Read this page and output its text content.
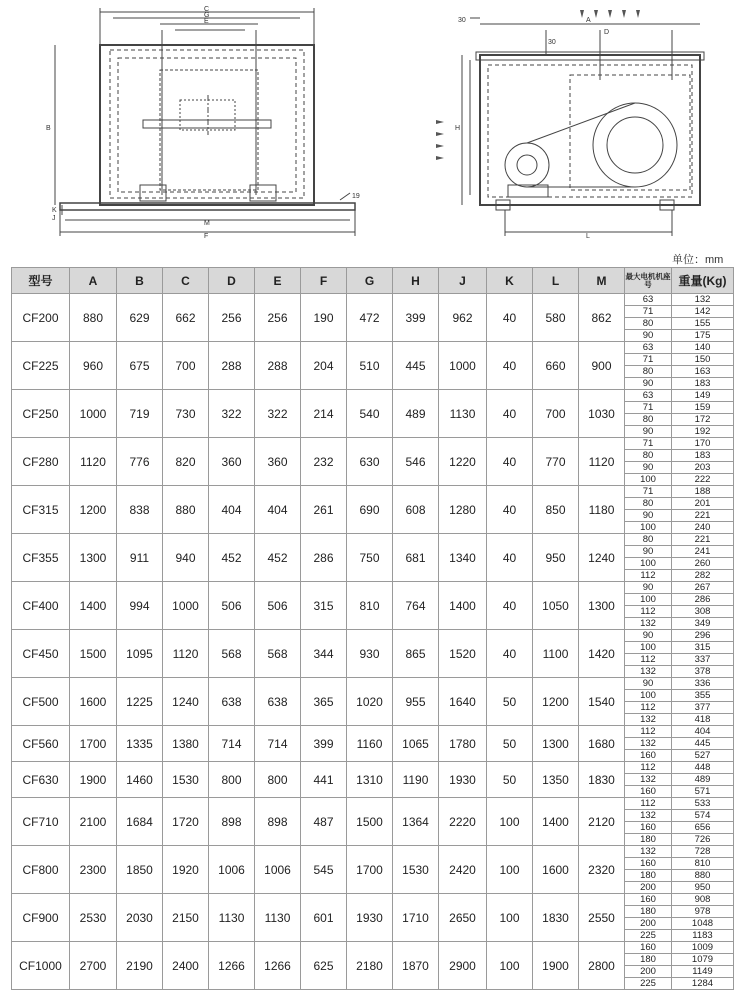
C
G
E
B
K
J
M
F
19
A
D
H
L
30
30
单位：mm
型号	A	B	C	D	E	F	G	H	J	K	L	M	最大电机机座号	重量(Kg)
CF200	880	629	662	256	256	190	472	399	962	40	580	862	63	132
													71	142
													80	155
													90	175
CF225	960	675	700	288	288	204	510	445	1000	40	660	900	63	140
													71	150
													80	163
													90	183
CF250	1000	719	730	322	322	214	540	489	1130	40	700	1030	63	149
													71	159
													80	172
													90	192
CF280	1120	776	820	360	360	232	630	546	1220	40	770	1120	71	170
													80	183
													90	203
													100	222
CF315	1200	838	880	404	404	261	690	608	1280	40	850	1180	71	188
													80	201
													90	221
													100	240
CF355	1300	911	940	452	452	286	750	681	1340	40	950	1240	80	221
													90	241
													100	260
													112	282
CF400	1400	994	1000	506	506	315	810	764	1400	40	1050	1300	90	267
													100	286
													112	308
													132	349
CF450	1500	1095	1120	568	568	344	930	865	1520	40	1100	1420	90	296
													100	315
													112	337
													132	378
CF500	1600	1225	1240	638	638	365	1020	955	1640	50	1200	1540	90	336
													100	355
													112	377
													132	418
CF560	1700	1335	1380	714	714	399	1160	1065	1780	50	1300	1680	112	404
													132	445
													160	527
CF630	1900	1460	1530	800	800	441	1310	1190	1930	50	1350	1830	112	448
													132	489
													160	571
CF710	2100	1684	1720	898	898	487	1500	1364	2220	100	1400	2120	112	533
													132	574
													160	656
													180	726
CF800	2300	1850	1920	1006	1006	545	1700	1530	2420	100	1600	2320	132	728
													160	810
													180	880
													200	950
CF900	2530	2030	2150	1130	1130	601	1930	1710	2650	100	1830	2550	160	908
													180	978
													200	1048
													225	1183
CF1000	2700	2190	2400	1266	1266	625	2180	1870	2900	100	1900	2800	160	1009
													180	1079
													200	1149
													225	1284
